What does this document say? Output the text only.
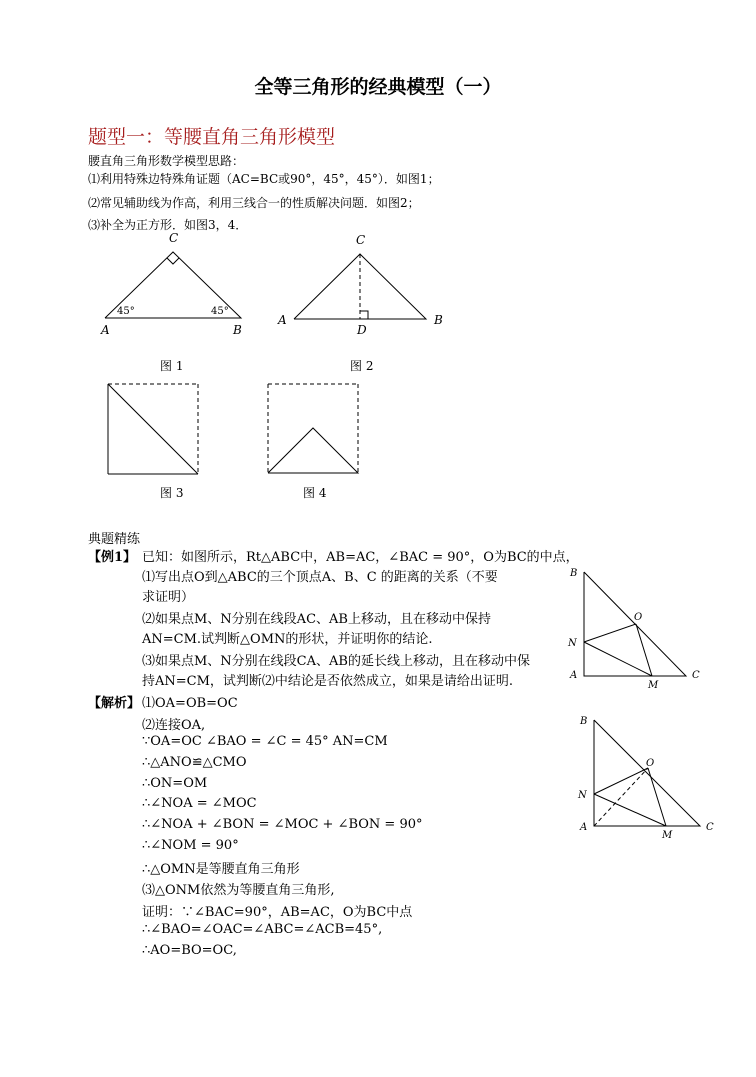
全等三角形的经典模型（一）
题型一：等腰直角三角形模型
腰直角三角形数学模型思路：
⑴利用特殊边特殊角证题（AC=BC或90°，45°，45°）．如图1；
⑵常见辅助线为作高，利用三线合一的性质解决问题．如图2；
⑶补全为正方形．如图3，4．
C
A	B
45°	45°
图 1
C
A	B
D
图 2
图 3	图 4
典题精练
【例1】 已知：如图所示，Rt△ABC中，AB=AC，∠BAC = 90°，O为BC的中点，
⑴写出点O到△ABC的三个顶点A、B、C 的距离的关系（不要
求证明）
⑵如果点M、N分别在线段AC、AB上移动，且在移动中保持
AN=CM.试判断△OMN的形状，并证明你的结论.
⑶如果点M、N分别在线段CA、AB的延长线上移动，且在移动中保
持AN=CM，试判断⑵中结论是否依然成立，如果是请给出证明.
B
O
N
A
M
C
【解析】 ⑴OA=OB=OC
⑵连接OA,
∵OA=OC ∠BAO = ∠C = 45° AN=CM
∴△ANO≌△CMO
∴ON=OM
∴∠NOA = ∠MOC
∴∠NOA + ∠BON = ∠MOC + ∠BON = 90°
∴∠NOM = 90°
∴△OMN是等腰直角三角形
⑶△ONM依然为等腰直角三角形,
证明：∵∠BAC=90°，AB=AC，O为BC中点
∴∠BAO=∠OAC=∠ABC=∠ACB=45°,
∴AO=BO=OC,
B
O
N
A
M
C
